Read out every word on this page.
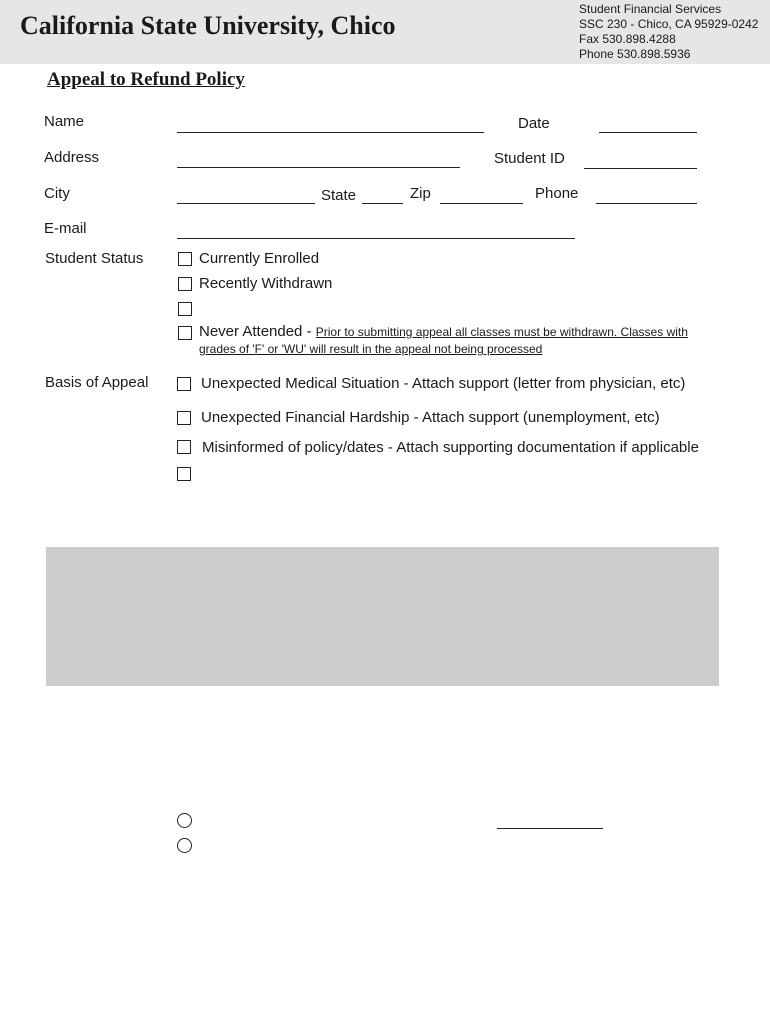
California State University, Chico
Student Financial Services
SSC 230 - Chico, CA 95929-0242
Fax 530.898.4288
Phone 530.898.5936
Appeal to Refund Policy
Name	Date
Address	Student ID
City	State	Zip	Phone
E-mail
Student Status	Currently Enrolled
Recently Withdrawn
Never Attended - Prior to submitting appeal all classes must be withdrawn. Classes with
grades of 'F' or 'WU' will result in the appeal not being processed
Basis of Appeal	Unexpected Medical Situation - Attach support (letter from physician, etc)
Unexpected Financial Hardship - Attach support (unemployment, etc)
Misinformed of policy/dates - Attach supporting documentation if applicable
